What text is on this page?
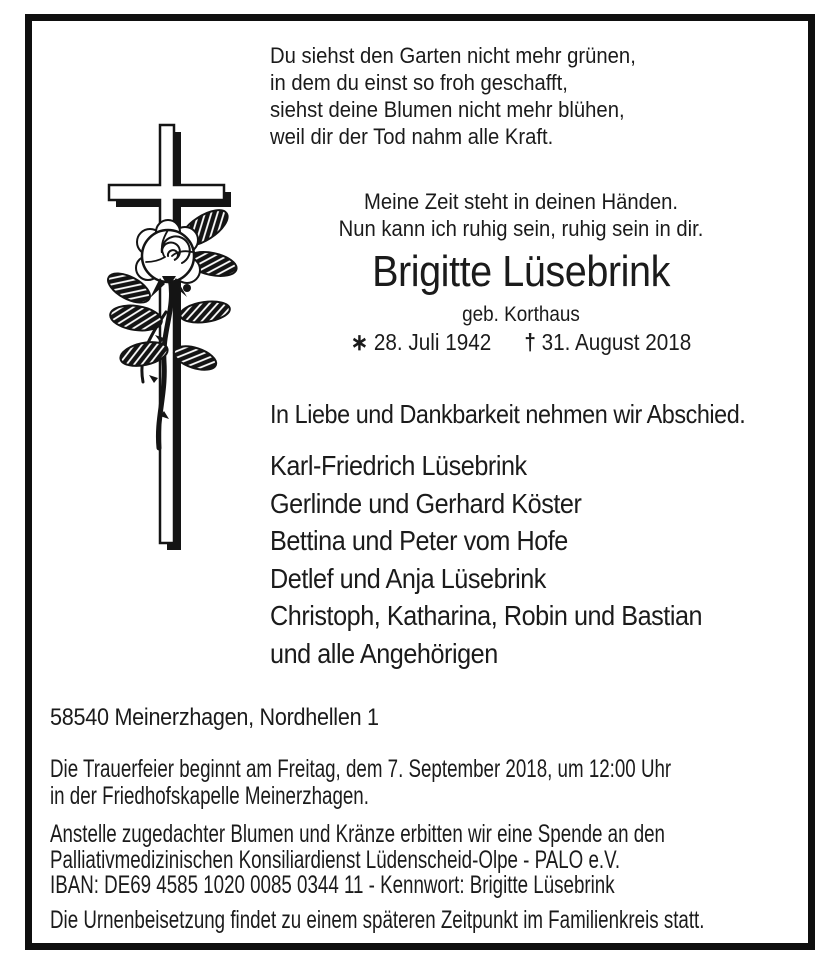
Du siehst den Garten nicht mehr grünen,
in dem du einst so froh geschafft,
siehst deine Blumen nicht mehr blühen,
weil dir der Tod nahm alle Kraft.
Meine Zeit steht in deinen Händen.
Nun kann ich ruhig sein, ruhig sein in dir.
Brigitte Lüsebrink
geb. Korthaus
∗ 28. Juli 1942 † 31. August 2018
In Liebe und Dankbarkeit nehmen wir Abschied.
Karl-Friedrich Lüsebrink
Gerlinde und Gerhard Köster
Bettina und Peter vom Hofe
Detlef und Anja Lüsebrink
Christoph, Katharina, Robin und Bastian
und alle Angehörigen
58540 Meinerzhagen, Nordhellen 1
Die Trauerfeier beginnt am Freitag, dem 7. September 2018, um 12:00 Uhr
in der Friedhofskapelle Meinerzhagen.
Anstelle zugedachter Blumen und Kränze erbitten wir eine Spende an den
Palliativmedizinischen Konsiliardienst Lüdenscheid-Olpe - PALO e.V.
IBAN: DE69 4585 1020 0085 0344 11 - Kennwort: Brigitte Lüsebrink
Die Urnenbeisetzung findet zu einem späteren Zeitpunkt im Familienkreis statt.
